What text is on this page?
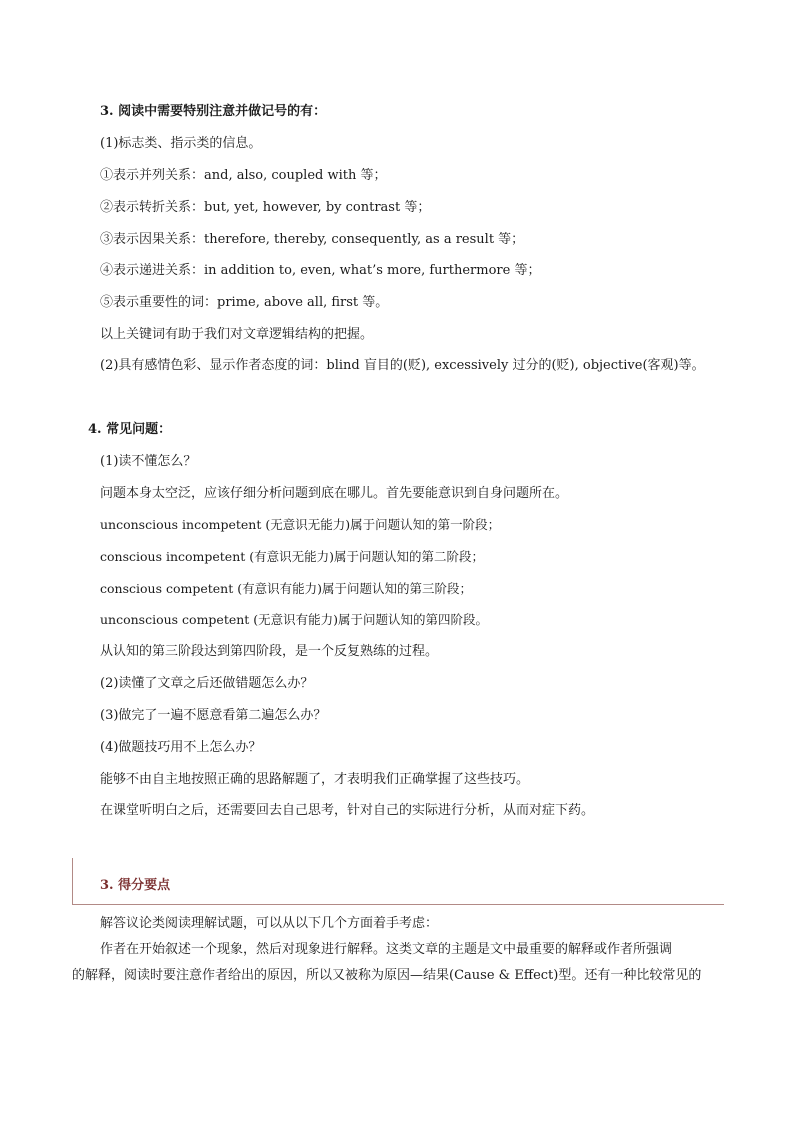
3. 阅读中需要特别注意并做记号的有：
(1)标志类、指示类的信息。
①表示并列关系：and, also, coupled with 等；
②表示转折关系：but, yet, however, by contrast 等；
③表示因果关系：therefore, thereby, consequently, as a result 等；
④表示递进关系：in addition to, even, what’s more, furthermore 等；
⑤表示重要性的词：prime, above all, first 等。
以上关键词有助于我们对文章逻辑结构的把握。
(2)具有感情色彩、显示作者态度的词：blind 盲目的(贬), excessively 过分的(贬), objective(客观)等。
4. 常见问题：
(1)读不懂怎么？
问题本身太空泛，应该仔细分析问题到底在哪儿。首先要能意识到自身问题所在。
unconscious incompetent (无意识无能力)属于问题认知的第一阶段；
conscious incompetent (有意识无能力)属于问题认知的第二阶段；
conscious competent (有意识有能力)属于问题认知的第三阶段；
unconscious competent (无意识有能力)属于问题认知的第四阶段。
从认知的第三阶段达到第四阶段，是一个反复熟练的过程。
(2)读懂了文章之后还做错题怎么办？
(3)做完了一遍不愿意看第二遍怎么办？
(4)做题技巧用不上怎么办？
能够不由自主地按照正确的思路解题了，才表明我们正确掌握了这些技巧。
在课堂听明白之后，还需要回去自己思考，针对自己的实际进行分析，从而对症下药。
3. 得分要点
解答议论类阅读理解试题，可以从以下几个方面着手考虑：
作者在开始叙述一个现象，然后对现象进行解释。这类文章的主题是文中最重要的解释或作者所强调
的解释，阅读时要注意作者给出的原因，所以又被称为原因—结果(Cause & Effect)型。还有一种比较常见的
